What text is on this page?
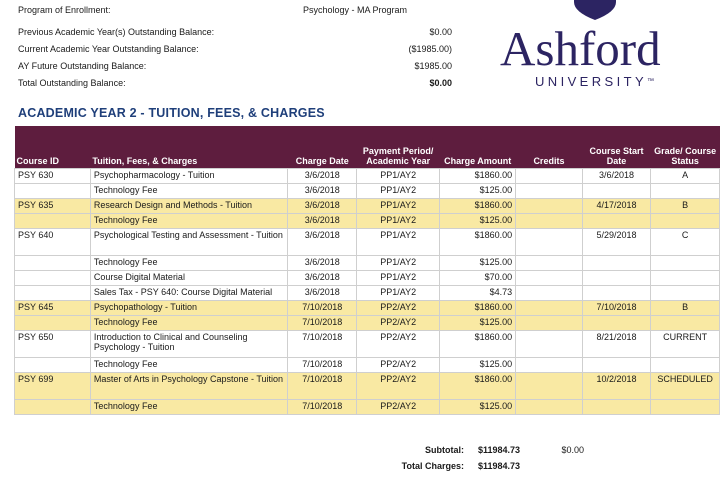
Program of Enrollment:	Psychology - MA Program
Previous Academic Year(s) Outstanding Balance:	$0.00
Current Academic Year Outstanding Balance:	($1985.00)
AY Future Outstanding Balance:	$1985.00
Total Outstanding Balance:	$0.00
Ashford
UNIVERSITY™
ACADEMIC YEAR 2 - TUITION, FEES, & CHARGES
Course ID	Tuition, Fees, & Charges	Charge Date	Payment Period/ Academic Year	Charge Amount	Credits	Course Start Date	Grade/ Course Status
PSY 630	Psychopharmacology - Tuition	3/6/2018	PP1/AY2	$1860.00		3/6/2018	A
	Technology Fee	3/6/2018	PP1/AY2	$125.00			
PSY 635	Research Design and Methods - Tuition	3/6/2018	PP1/AY2	$1860.00		4/17/2018	B
	Technology Fee	3/6/2018	PP1/AY2	$125.00			
PSY 640	Psychological Testing and Assessment - Tuition	3/6/2018	PP1/AY2	$1860.00		5/29/2018	C
	Technology Fee	3/6/2018	PP1/AY2	$125.00			
	Course Digital Material	3/6/2018	PP1/AY2	$70.00			
	Sales Tax - PSY 640: Course Digital Material	3/6/2018	PP1/AY2	$4.73			
PSY 645	Psychopathology - Tuition	7/10/2018	PP2/AY2	$1860.00		7/10/2018	B
	Technology Fee	7/10/2018	PP2/AY2	$125.00			
PSY 650	Introduction to Clinical and Counseling Psychology - Tuition	7/10/2018	PP2/AY2	$1860.00		8/21/2018	CURRENT
	Technology Fee	7/10/2018	PP2/AY2	$125.00			
PSY 699	Master of Arts in Psychology Capstone - Tuition	7/10/2018	PP2/AY2	$1860.00		10/2/2018	SCHEDULED
	Technology Fee	7/10/2018	PP2/AY2	$125.00			
Subtotal: $11984.73	$0.00
Total Charges: $11984.73
